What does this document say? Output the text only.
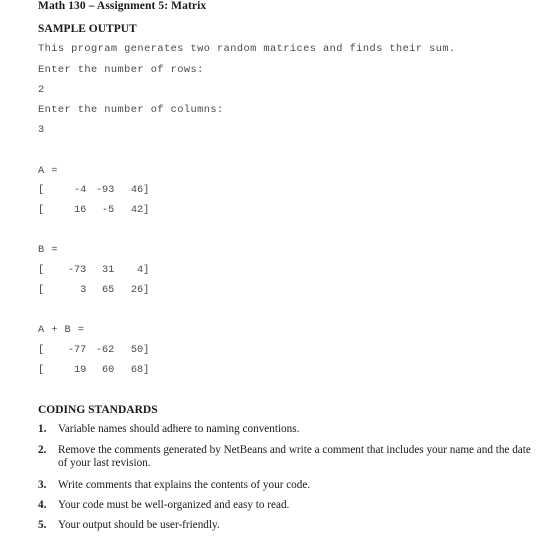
Math 130 – Assignment 5: Matrix
SAMPLE OUTPUT
This program generates two random matrices and finds their sum.
Enter the number of rows:
2
Enter the number of columns:
3
A =

[

	-4

-93

	46]

[

	16

	-5

	42]

B =

[

	-73

	31

	4]

[

	3

	65

	26]

A + B =

[

	-77

-62

	50]

[

	19

	60

	68]

CODING STANDARDS
1. Variable names should adhere to naming conventions.
2. Remove the comments generated by NetBeans and write a comment that includes your name and the date of your last revision.
3. Write comments that explains the contents of your code.
4. Your code must be well-organized and easy to read.
5. Your output should be user-friendly.
